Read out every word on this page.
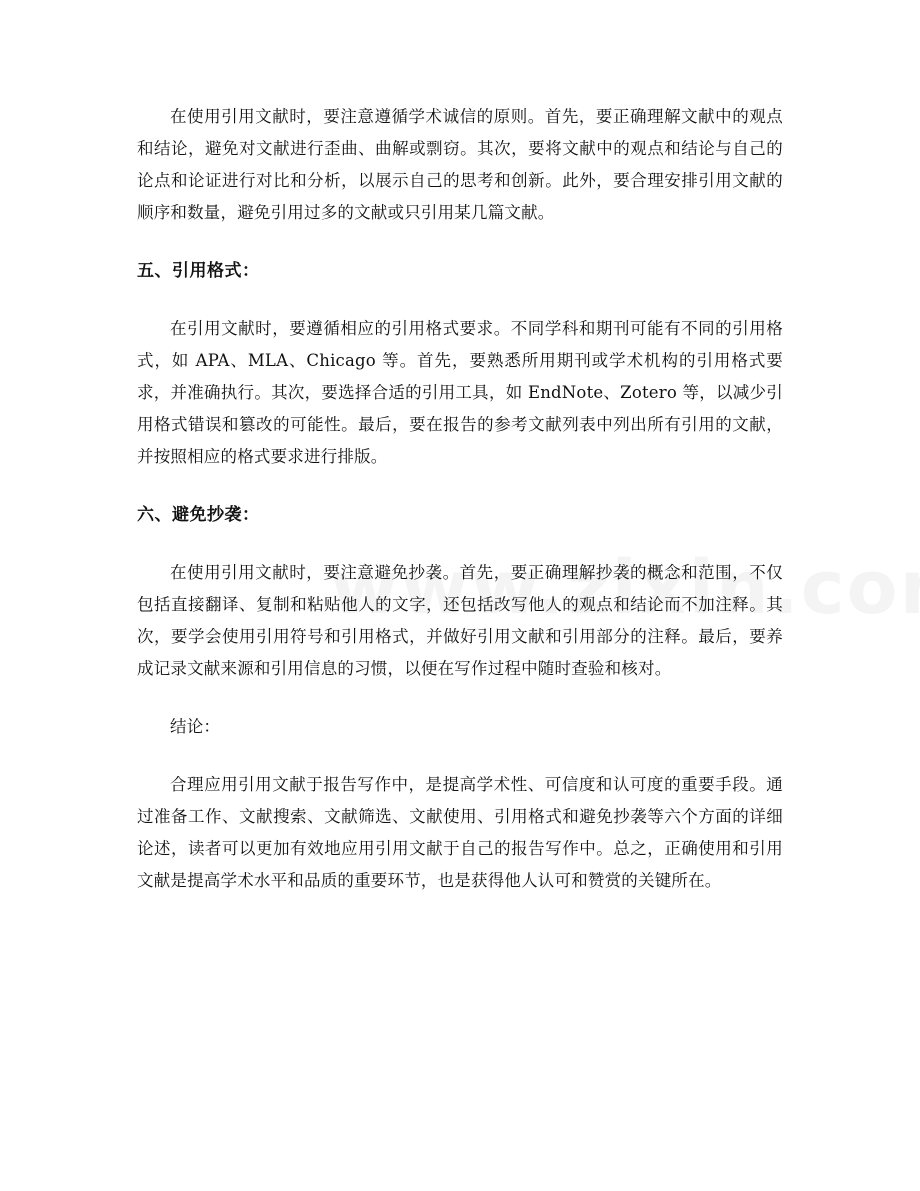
在使用引用文献时，要注意遵循学术诚信的原则。首先，要正确理解文献中的观点和结论，避免对文献进行歪曲、曲解或剽窃。其次，要将文献中的观点和结论与自己的论点和论证进行对比和分析，以展示自己的思考和创新。此外，要合理安排引用文献的顺序和数量，避免引用过多的文献或只引用某几篇文献。

五、引用格式：

在引用文献时，要遵循相应的引用格式要求。不同学科和期刊可能有不同的引用格式，如 APA、MLA、Chicago 等。首先，要熟悉所用期刊或学术机构的引用格式要求，并准确执行。其次，要选择合适的引用工具，如 EndNote、Zotero 等，以减少引用格式错误和篡改的可能性。最后，要在报告的参考文献列表中列出所有引用的文献，并按照相应的格式要求进行排版。

六、避免抄袭：

在使用引用文献时，要注意避免抄袭。首先，要正确理解抄袭的概念和范围，不仅包括直接翻译、复制和粘贴他人的文字，还包括改写他人的观点和结论而不加注释。其次，要学会使用引用符号和引用格式，并做好引用文献和引用部分的注释。最后，要养成记录文献来源和引用信息的习惯，以便在写作过程中随时查验和核对。

结论：

合理应用引用文献于报告写作中，是提高学术性、可信度和认可度的重要手段。通过准备工作、文献搜索、文献筛选、文献使用、引用格式和避免抄袭等六个方面的详细论述，读者可以更加有效地应用引用文献于自己的报告写作中。总之，正确使用和引用文献是提高学术水平和品质的重要环节，也是获得他人认可和赞赏的关键所在。
